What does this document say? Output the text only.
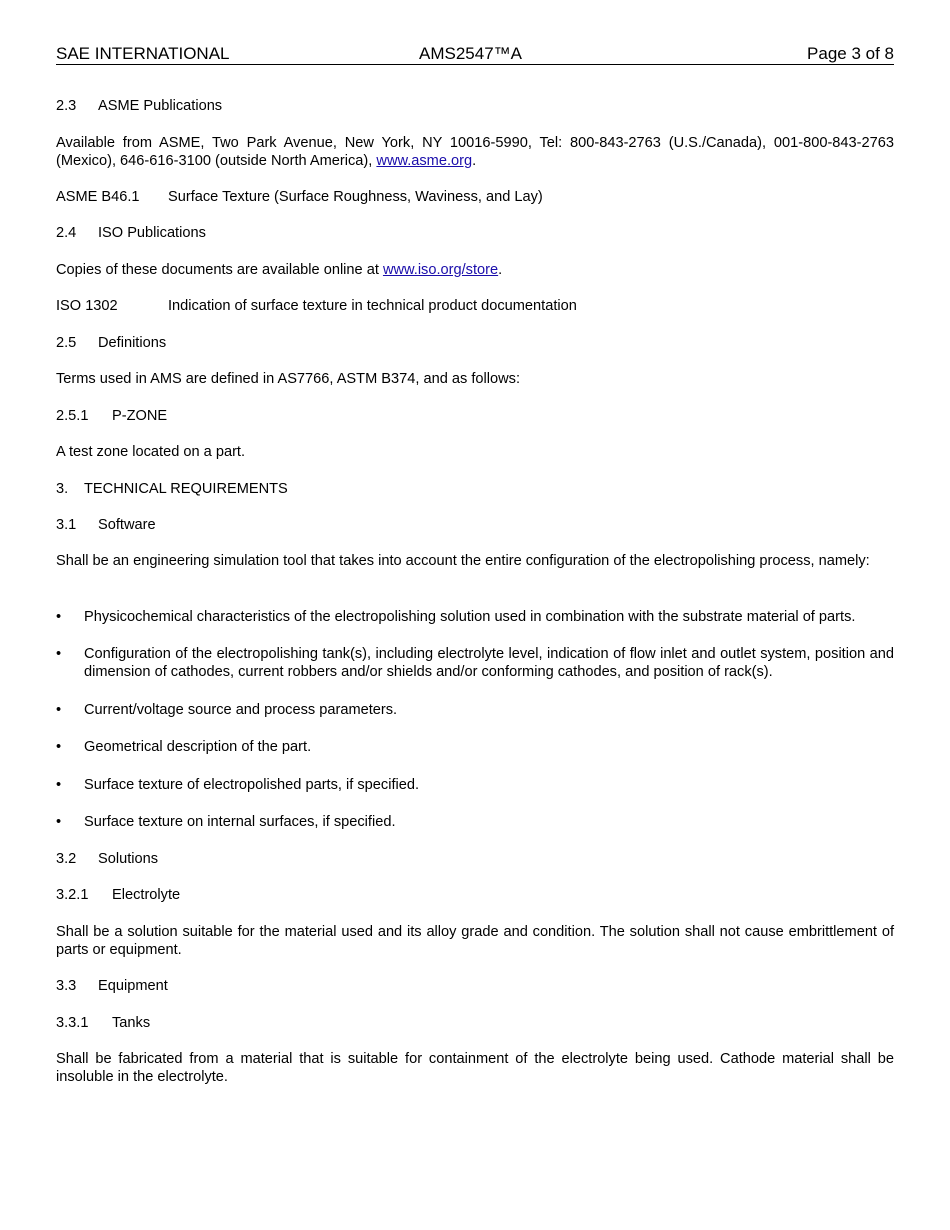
SAE INTERNATIONAL	AMS2547™A	Page 3 of 8
2.3 ASME Publications
Available from ASME, Two Park Avenue, New York, NY 10016-5990, Tel: 800-843-2763 (U.S./Canada), 001-800-843-2763 (Mexico), 646-616-3100 (outside North America), www.asme.org.
ASME B46.1 Surface Texture (Surface Roughness, Waviness, and Lay)
2.4 ISO Publications
Copies of these documents are available online at www.iso.org/store.
ISO 1302	Indication of surface texture in technical product documentation
2.5 Definitions
Terms used in AMS are defined in AS7766, ASTM B374, and as follows:
2.5.1 P-ZONE
A test zone located on a part.
3. TECHNICAL REQUIREMENTS
3.1 Software
Shall be an engineering simulation tool that takes into account the entire configuration of the electropolishing process, namely:
• Physicochemical characteristics of the electropolishing solution used in combination with the substrate material of parts.
• Configuration of the electropolishing tank(s), including electrolyte level, indication of flow inlet and outlet system, position and dimension of cathodes, current robbers and/or shields and/or conforming cathodes, and position of rack(s).
• Current/voltage source and process parameters.
• Geometrical description of the part.
• Surface texture of electropolished parts, if specified.
• Surface texture on internal surfaces, if specified.
3.2 Solutions
3.2.1 Electrolyte
Shall be a solution suitable for the material used and its alloy grade and condition. The solution shall not cause embrittlement of parts or equipment.
3.3 Equipment
3.3.1 Tanks
Shall be fabricated from a material that is suitable for containment of the electrolyte being used. Cathode material shall be insoluble in the electrolyte.
